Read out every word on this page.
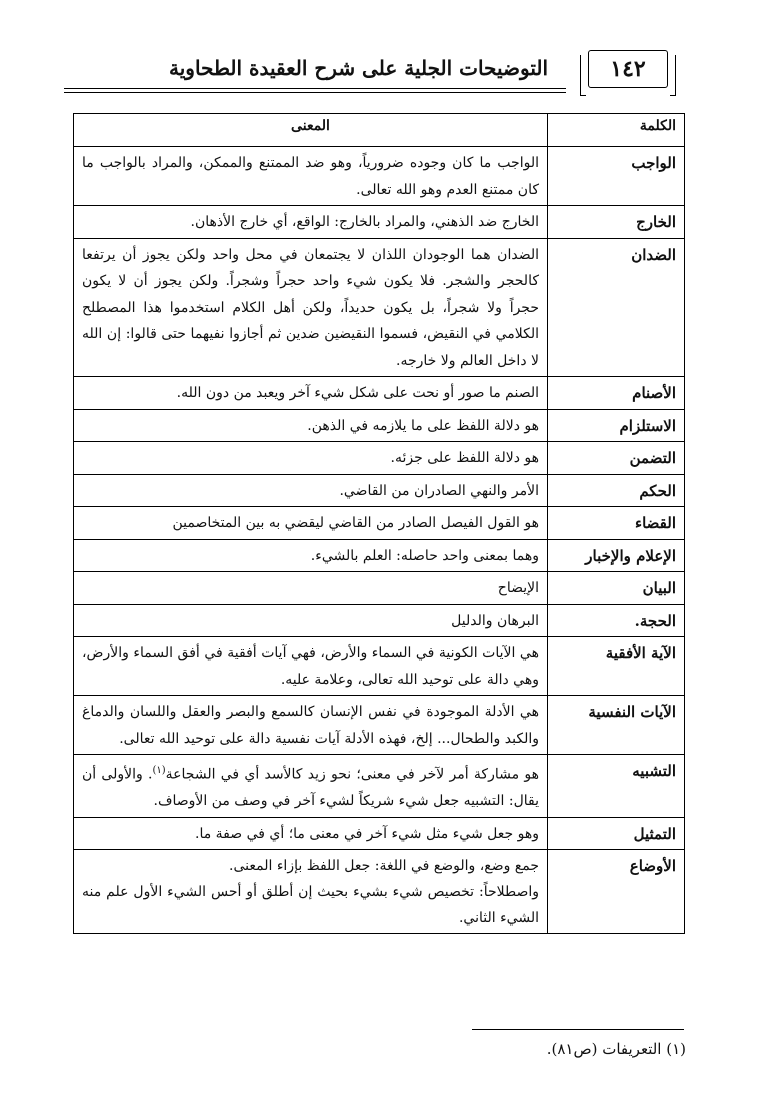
التوضيحات الجلية على شرح العقيدة الطحاوية	١٤٢
الكلمة	المعنى
الواجب	الواجب ما كان وجوده ضرورياً، وهو ضد الممتنع والممكن، والمراد بالواجب ما كان ممتنع العدم وهو الله تعالى.
الخارج	الخارج ضد الذهني، والمراد بالخارج: الواقع، أي خارج الأذهان.
الضدان	الضدان هما الوجودان اللذان لا يجتمعان في محل واحد ولكن يجوز أن يرتفعا كالحجر والشجر. فلا يكون شيء واحد حجراً وشجراً. ولكن يجوز أن لا يكون حجراً ولا شجراً، بل يكون حديداً، ولكن أهل الكلام استخدموا هذا المصطلح الكلامي في النقيض، فسموا النقيضين ضدين ثم أجازوا نفيهما حتى قالوا: إن الله لا داخل العالم ولا خارجه.
الأصنام	الصنم ما صور أو نحت على شكل شيء آخر ويعبد من دون الله.
الاستلزام	هو دلالة اللفظ على ما يلازمه في الذهن.
التضمن	هو دلالة اللفظ على جزئه.
الحكم	الأمر والنهي الصادران من القاضي.
القضاء	هو القول الفيصل الصادر من القاضي ليقضي به بين المتخاصمين
الإعلام والإخبار	وهما بمعنى واحد حاصله: العلم بالشيء.
البيان	الإيضاح
الحجة.	البرهان والدليل
الآية الأفقية	هي الآيات الكونية في السماء والأرض، فهي آيات أفقية في أفق السماء والأرض، وهي دالة على توحيد الله تعالى، وعلامة عليه.
الآيات النفسية	هي الأدلة الموجودة في نفس الإنسان كالسمع والبصر والعقل واللسان والدماغ والكبد والطحال... إلخ، فهذه الأدلة آيات نفسية دالة على توحيد الله تعالى.
التشبيه	هو مشاركة أمر لآخر في معنى؛ نحو زيد كالأسد أي في الشجاعة$^{(١)}$. والأولى أن يقال: التشبيه جعل شيء شريكاً لشيء آخر في وصف من الأوصاف.
التمثيل	وهو جعل شيء مثل شيء آخر في معنى ما؛ أي في صفة ما.
الأوضاع	جمع وضع، والوضع في اللغة: جعل اللفظ بإزاء المعنى.
واصطلاحاً: تخصيص شيء بشيء بحيث إن أطلق أو أحس الشيء الأول علم منه الشيء الثاني.
(١) التعريفات (ص٨١).
